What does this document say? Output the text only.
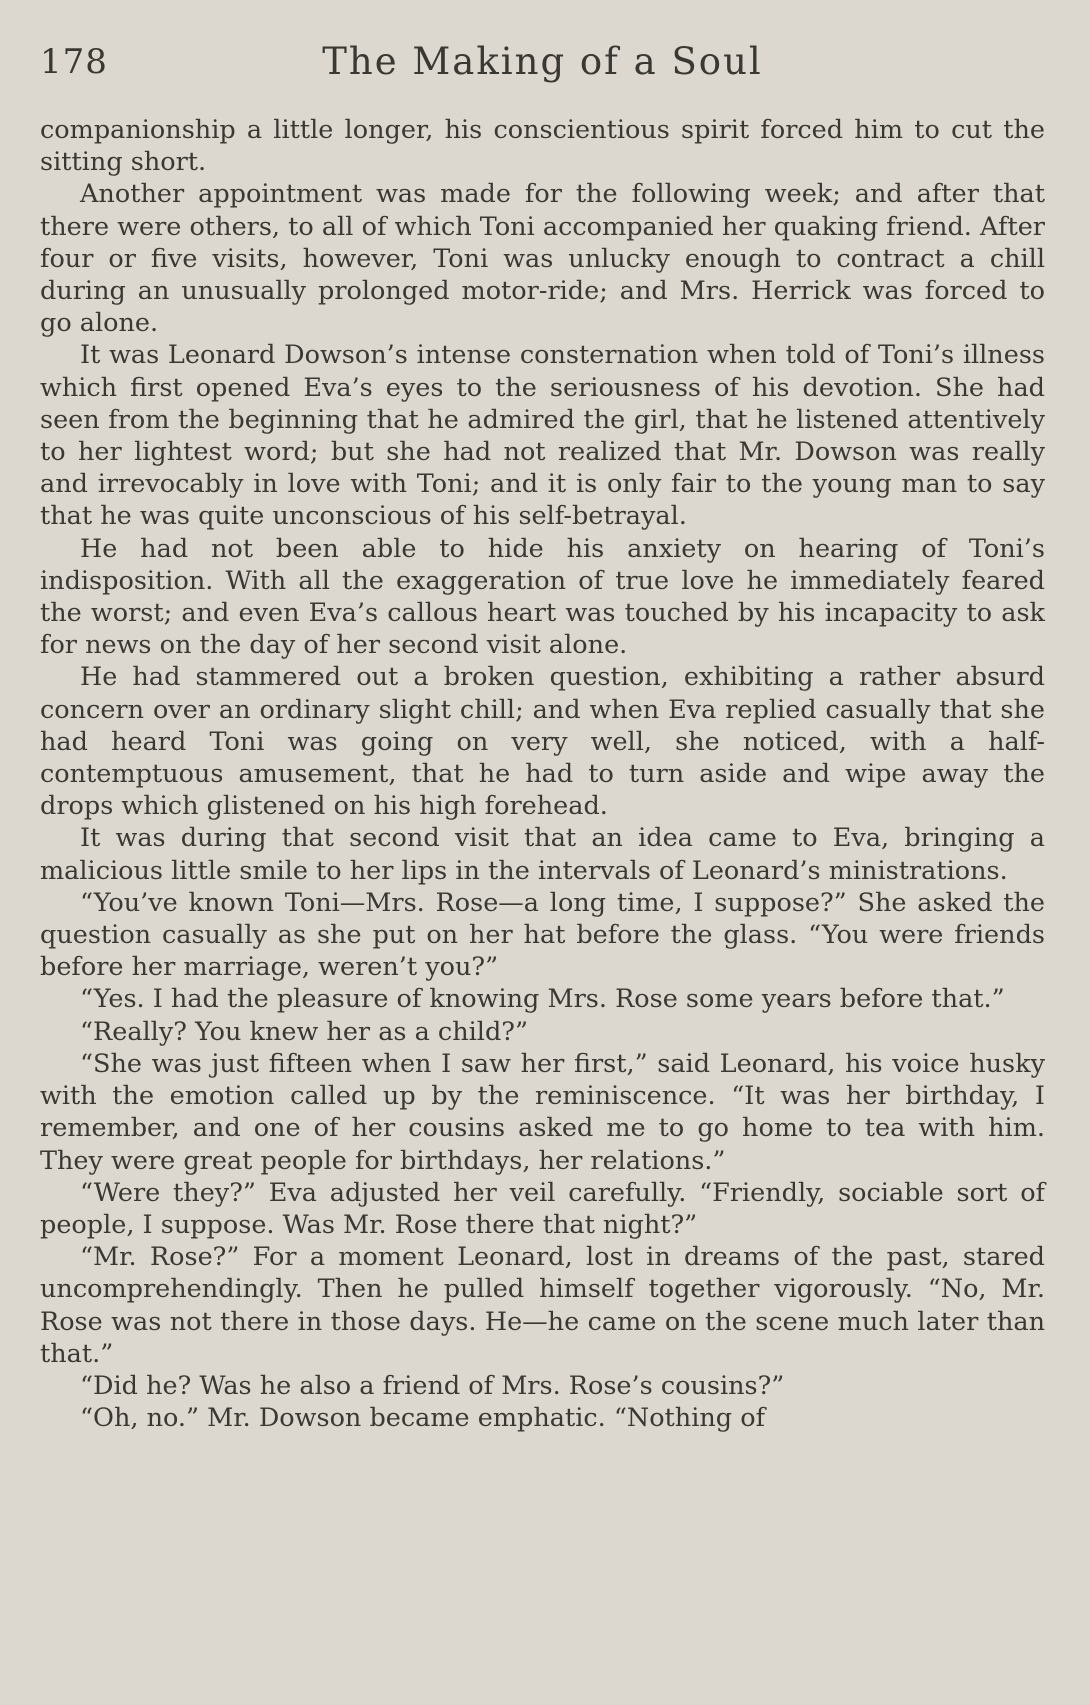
178	The Making of a Soul

companionship a little longer, his conscientious spirit forced him to cut the sitting short.

Another appointment was made for the following week; and after that there were others, to all of which Toni accompanied her quaking friend. After four or five visits, however, Toni was unlucky enough to contract a chill during an unusually prolonged motor-ride; and Mrs. Herrick was forced to go alone.

It was Leonard Dowson’s intense consternation when told of Toni’s illness which first opened Eva’s eyes to the seriousness of his devotion. She had seen from the beginning that he admired the girl, that he listened attentively to her lightest word; but she had not realized that Mr. Dowson was really and irrevocably in love with Toni; and it is only fair to the young man to say that he was quite unconscious of his self-betrayal.

He had not been able to hide his anxiety on hearing of Toni’s indisposition. With all the exaggeration of true love he immediately feared the worst; and even Eva’s callous heart was touched by his incapacity to ask for news on the day of her second visit alone.

He had stammered out a broken question, exhibiting a rather absurd concern over an ordinary slight chill; and when Eva replied casually that she had heard Toni was going on very well, she noticed, with a half-contemptuous amusement, that he had to turn aside and wipe away the drops which glistened on his high forehead.

It was during that second visit that an idea came to Eva, bringing a malicious little smile to her lips in the intervals of Leonard’s ministrations.

“You’ve known Toni—Mrs. Rose—a long time, I suppose?” She asked the question casually as she put on her hat before the glass. “You were friends before her marriage, weren’t you?”

“Yes. I had the pleasure of knowing Mrs. Rose some years before that.”

“Really? You knew her as a child?”

“She was just fifteen when I saw her first,” said Leonard, his voice husky with the emotion called up by the reminiscence. “It was her birthday, I remember, and one of her cousins asked me to go home to tea with him. They were great people for birthdays, her relations.”

“Were they?” Eva adjusted her veil carefully. “Friendly, sociable sort of people, I suppose. Was Mr. Rose there that night?”

“Mr. Rose?” For a moment Leonard, lost in dreams of the past, stared uncomprehendingly. Then he pulled himself together vigorously. “No, Mr. Rose was not there in those days. He—he came on the scene much later than that.”

“Did he? Was he also a friend of Mrs. Rose’s cousins?”

“Oh, no.” Mr. Dowson became emphatic. “Nothing of
